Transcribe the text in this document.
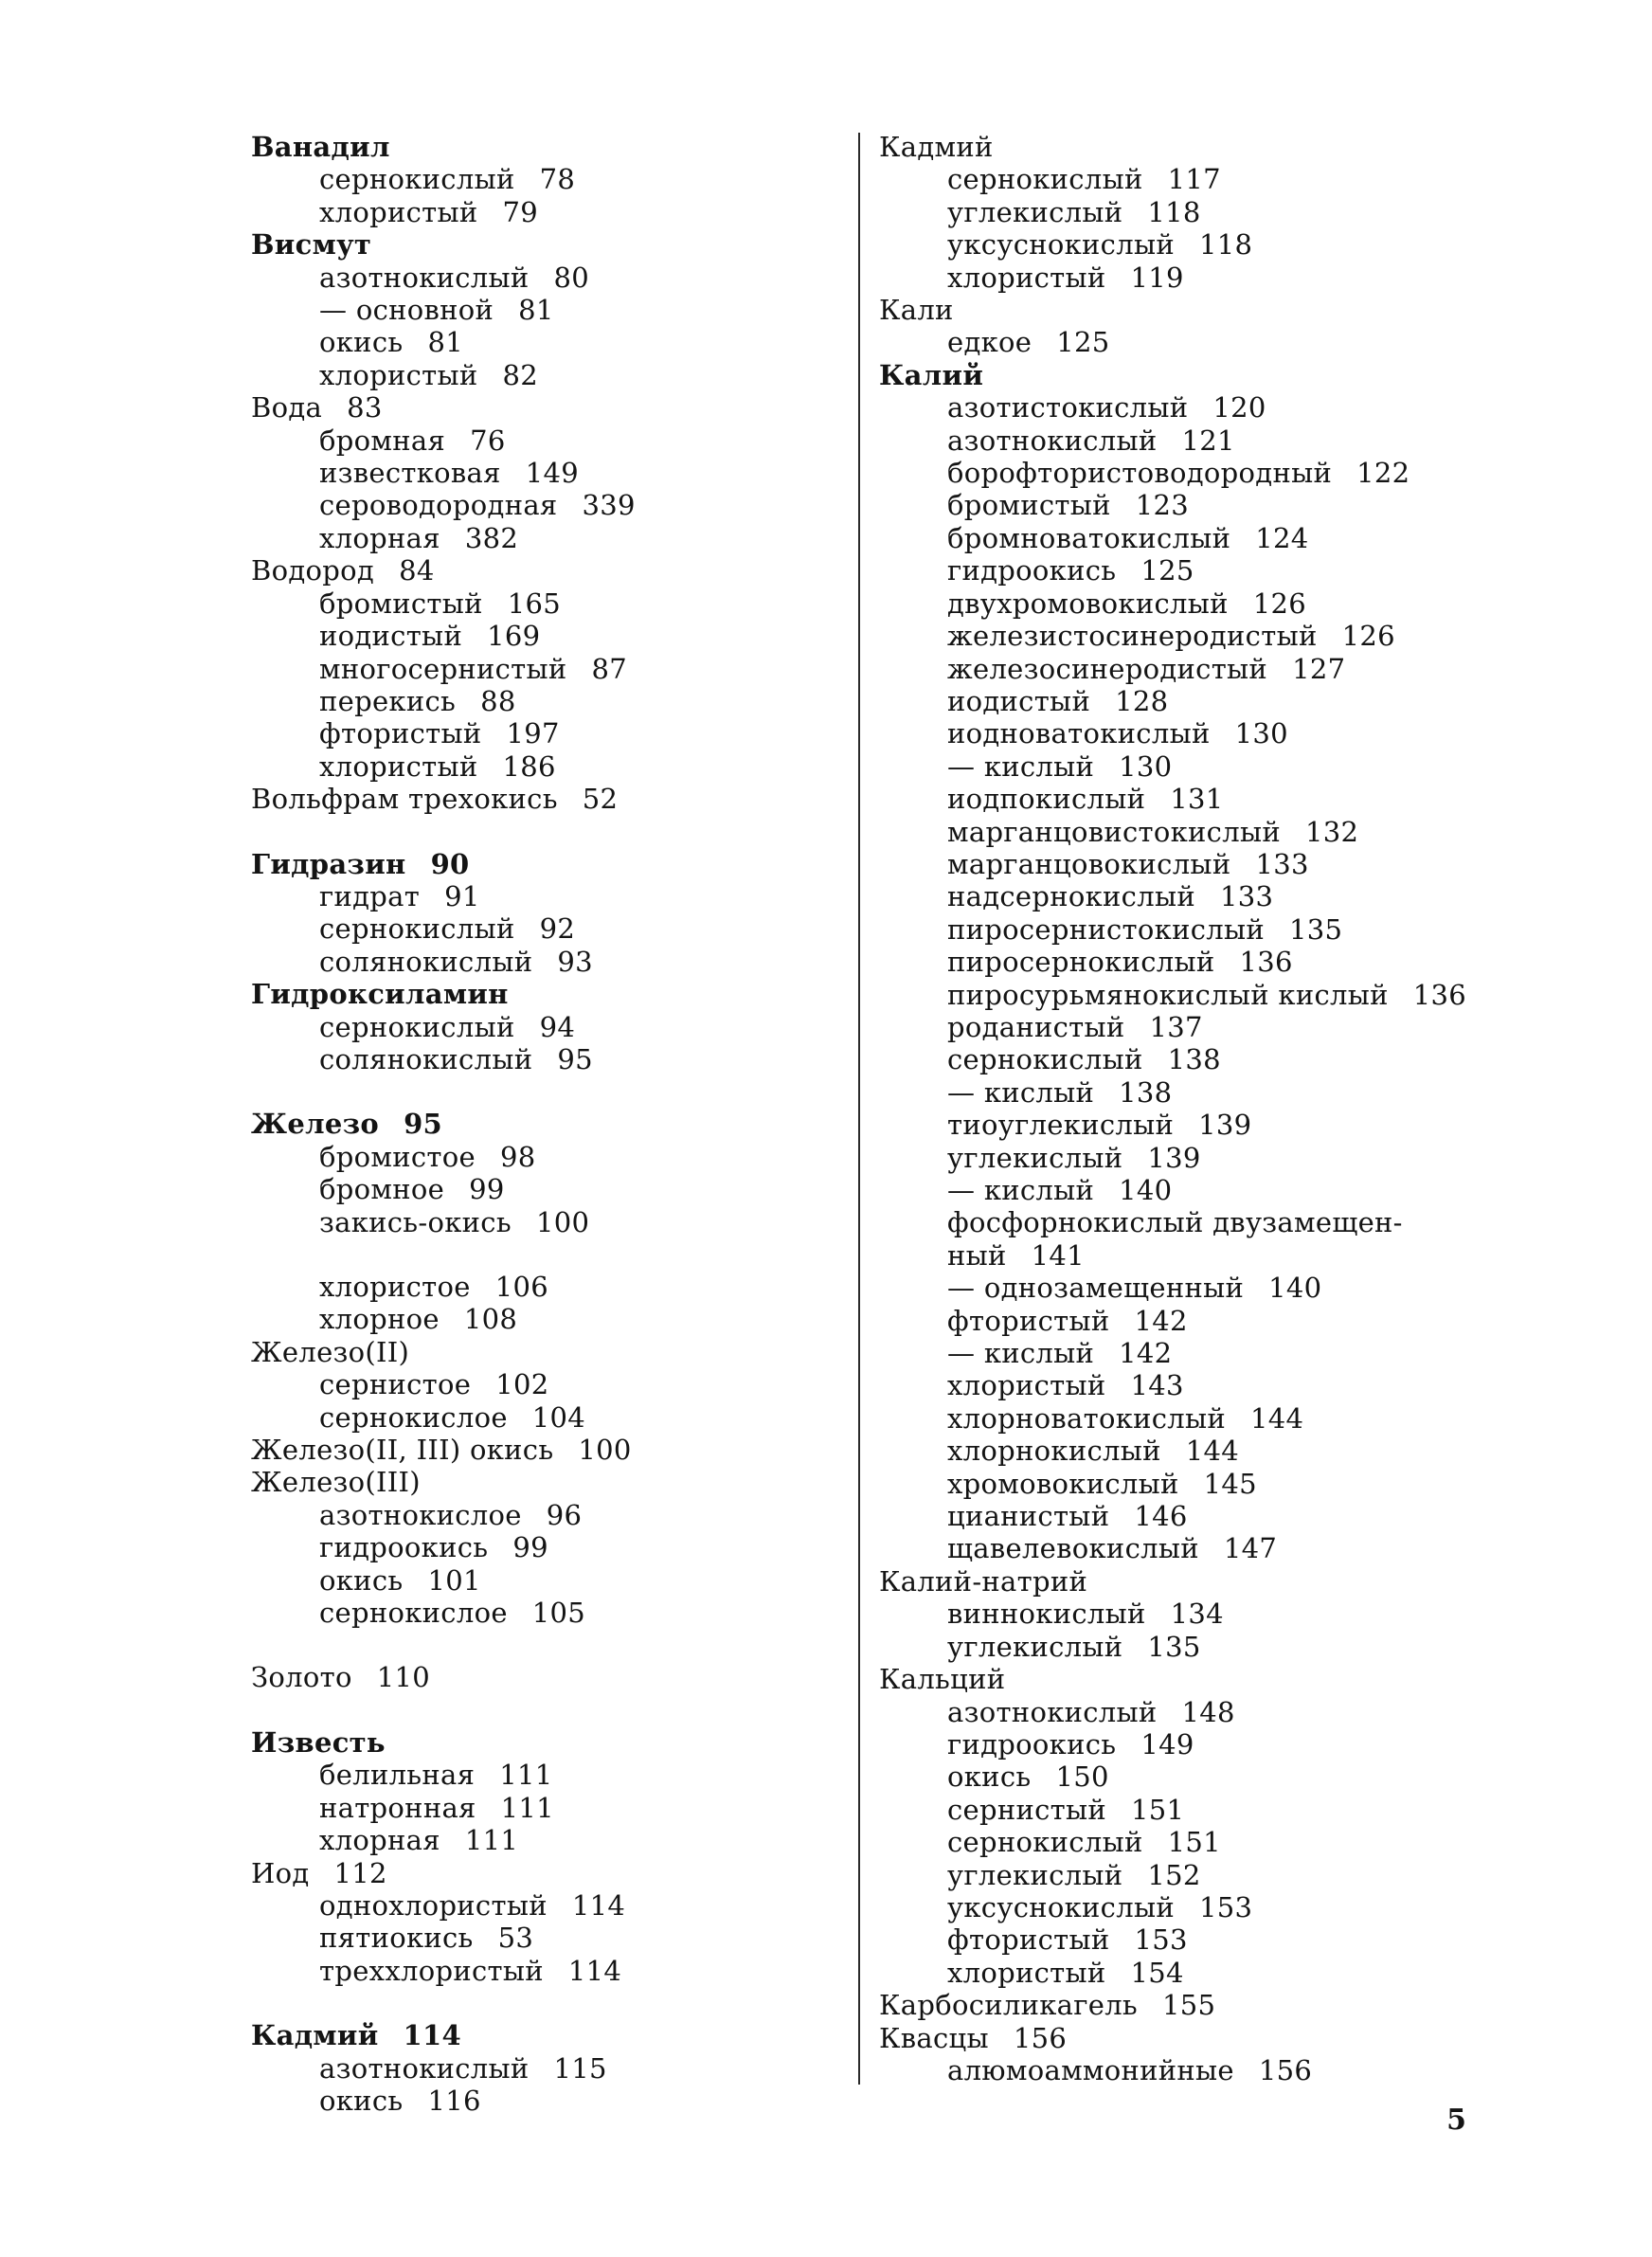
Ванадил
сернокислый 78
хлористый 79
Висмут
азотнокислый 80
— основной 81
окись 81
хлористый 82
Вода 83
бромная 76
известковая 149
сероводородная 339
хлорная 382
Водород 84
бромистый 165
иодистый 169
многосернистый 87
перекись 88
фтористый 197
хлористый 186
Вольфрам трехокись 52
Гидразин 90
гидрат 91
сернокислый 92
солянокислый 93
Гидроксиламин
сернокислый 94
солянокислый 95
Железо 95
бромистое 98
бромное 99
закись-окись 100
хлористое 106
хлорное 108
Железо(II)
сернистое 102
сернокислое 104
Железо(II, III) окись 100
Железо(III)
азотнокислое 96
гидроокись 99
окись 101
сернокислое 105
Золото 110
Известь
белильная 111
натронная 111
хлорная 111
Иод 112
однохлористый 114
пятиокись 53
треххлористый 114
Кадмий 114
азотнокислый 115
окись 116
Кадмий
сернокислый 117
углекислый 118
уксуснокислый 118
хлористый 119
Кали
едкое 125
Калий
азотистокислый 120
азотнокислый 121
борофтористоводородный 122
бромистый 123
бромноватокислый 124
гидроокись 125
двухромовокислый 126
железистосинеродистый 126
железосинеродистый 127
иодистый 128
иодноватокислый 130
— кислый 130
иодпокислый 131
марганцовистокислый 132
марганцовокислый 133
надсернокислый 133
пиросернистокислый 135
пиросернокислый 136
пиросурьмянокислый кислый 136
роданистый 137
сернокислый 138
— кислый 138
тиоуглекислый 139
углекислый 139
— кислый 140
фосфорнокислый двузамещен-
ный 141
— однозамещенный 140
фтористый 142
— кислый 142
хлористый 143
хлорноватокислый 144
хлорнокислый 144
хромовокислый 145
цианистый 146
щавелевокислый 147
Калий-натрий
виннокислый 134
углекислый 135
Кальций
азотнокислый 148
гидроокись 149
окись 150
сернистый 151
сернокислый 151
углекислый 152
уксуснокислый 153
фтористый 153
хлористый 154
Карбосиликагель 155
Квасцы 156
алюмоаммонийные 156
5
